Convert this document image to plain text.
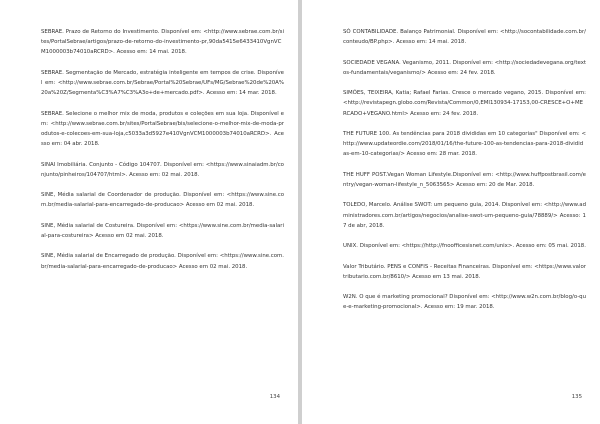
SEBRAE. Prazo de Retorno do Investimento. Disponível em: <http://www.sebrae.com.br/sites/PortalSebrae/artigos/prazo-de-retorno-do-investimento-pr,90da5415e6433410VgnVCM1000003b74010aRCRD>. Acesso em: 14 mai. 2018.
SEBRAE. Segmentação de Mercado, estratégia inteligente em tempos de crise. Disponível em: <http://www.sebrae.com.br/Sebrae/Portal%20Sebrae/UFs/MG/Sebrae%20de%20A%20a%20Z/Segmenta%C3%A7%C3%A3o+de+mercado.pdf>. Acesso em: 14 mar. 2018.
SEBRAE. Selecione o melhor mix de moda, produtos e coleções em sua loja. Disponível em: <http://www.sebrae.com.br/sites/PortalSebrae/bis/selecione-o-melhor-mix-de-moda-produtos-e-colecoes-em-sua-loja,c5033a3d5927e410VgnVCM1000003b74010aRCRD>. Acesso em: 04 abr. 2018.
SINAI Imobiliária. Conjunto - Código 104707. Disponível em: <https://www.sinaiadm.br/conjunto/pinheiros/104707/html>. Acesso em: 02 mai. 2018.
SINE, Média salarial de Coordenador de produção. Disponível em: <https://www.sine.com.br/media-salarial-para-encarregado-de-producao> Acesso em 02 mai. 2018.
SINE, Média salarial de Costureira. Disponível em: <https://www.sine.com.br/media-salarial-para-costureira> Acesso em 02 mai. 2018.
SINE, Média salarial de Encarregado de produção. Disponível em: <https://www.sine.com.br/media-salarial-para-encarregado-de-producao> Acesso em 02 mai. 2018.
134
SÓ CONTABILIDADE. Balanço Patrimonial. Disponível em: <http://socontabilidade.com.br/conteudo/BP.php>. Acesso em: 14 mai. 2018.
SOCIEDADE VEGANA. Veganismo, 2011. Disponível em: <http://sociedadevegana.org/textos-fundamentais/veganismo/> Acesso em: 24 fev. 2018.
SIMÕES, TEIXEIRA, Katia; Rafael Farias. Cresce o mercado vegano, 2015. Disponível em: <http://revistapegn.globo.com/Revista/Common/0,EMI130934-17153,00-CRESCE+O+MERCADO+VEGANO.html> Acesso em: 24 fev. 2018.
THE FUTURE 100. As tendências para 2018 divididas em 10 categorias" Disponível em: <http://www.updateordie.com/2018/01/16/the-future-100-as-tendencias-para-2018-divididas-em-10-categorias/> Acesso em: 28 mar. 2018.
THE HUFF POST.Vegan Woman Lifestyle.Disponível em: <http://www.huffpostbrasil.com/entry/vegan-woman-lifestyle_n_5063565> Acesso em: 20 de Mar. 2018.
TOLEDO, Marcelo. Análise SWOT: um pequeno guia, 2014. Disponível em: <http://www.administradores.com.br/artigos/negocios/analise-swot-um-pequeno-guia/78889/> Acesso: 17 de abr, 2018.
UNIX. Disponível em: <https://http://fnoofficesisnet.com/unix>. Acesso em: 05 mai. 2018.
Valor Tributário. PENS e CONFIS - Receitas Financeiras. Disponível em: <https://www.valortributario.com.br/8610/> Acesso em 13 mai. 2018.
W2N. O que é marketing promocional? Disponível em: <http://www.w2n.com.br/blog/o-que-e-marketing-promocional>. Acesso em: 19 mar. 2018.
135
